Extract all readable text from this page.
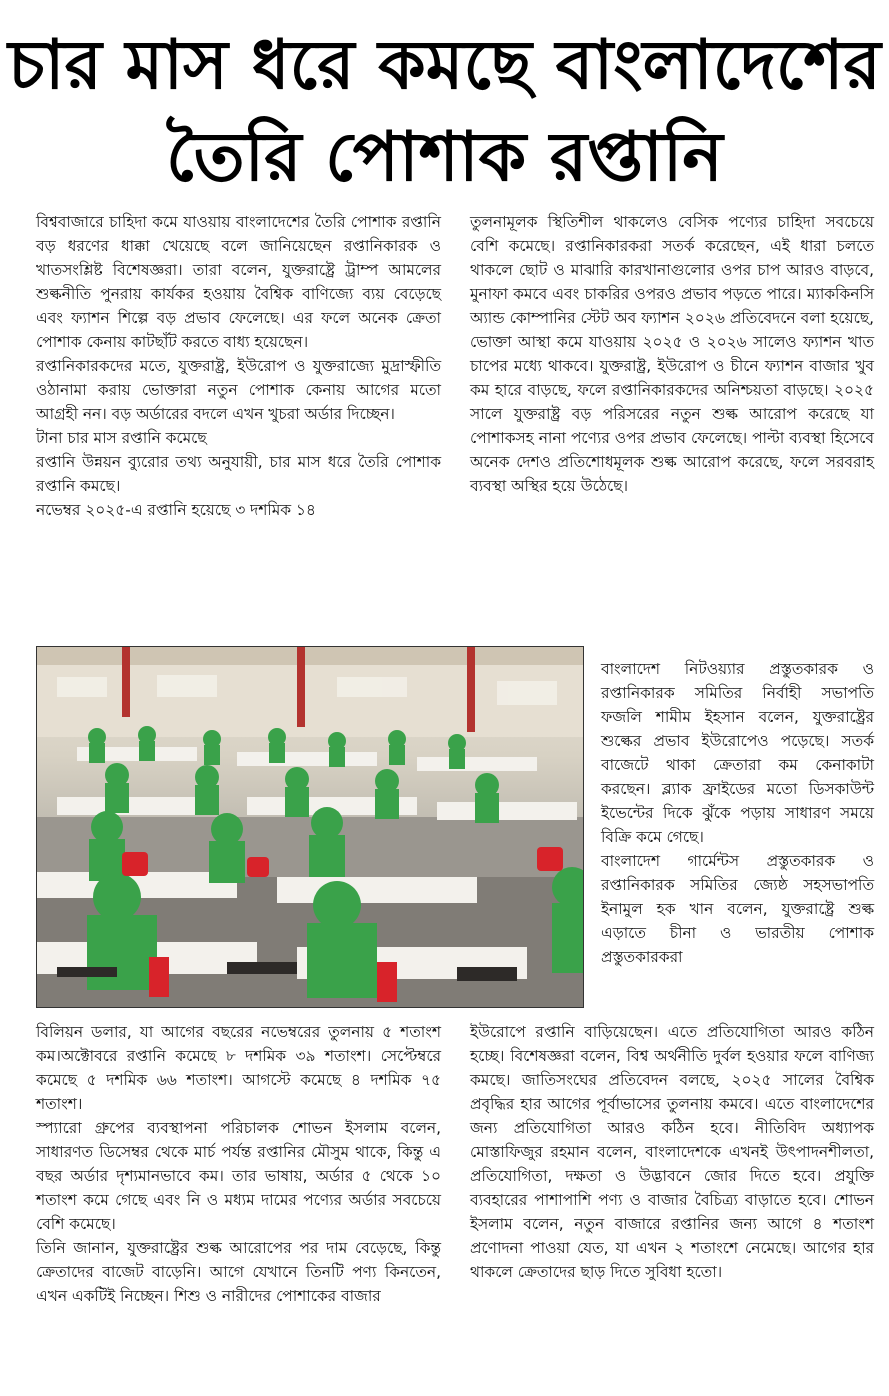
চার মাস ধরে কমছে বাংলাদেশের
তৈরি পোশাক রপ্তানি

বিশ্ববাজারে চাহিদা কমে যাওয়ায় বাংলাদেশের তৈরি পোশাক রপ্তানি বড় ধরণের ধাক্কা খেয়েছে বলে জানিয়েছেন রপ্তানিকারক ও খাতসংশ্লিষ্ট বিশেষজ্ঞরা। তারা বলেন, যুক্তরাষ্ট্রে ট্রাম্প আমলের শুল্কনীতি পুনরায় কার্যকর হওয়ায় বৈশ্বিক বাণিজ্যে ব্যয় বেড়েছে এবং ফ্যাশন শিল্পে বড় প্রভাব ফেলেছে। এর ফলে অনেক ক্রেতা পোশাক কেনায় কাটছাঁট করতে বাধ্য হয়েছেন।

রপ্তানিকারকদের মতে, যুক্তরাষ্ট্র, ইউরোপ ও যুক্তরাজ্যে মুদ্রাস্ফীতি ওঠানামা করায় ভোক্তারা নতুন পোশাক কেনায় আগের মতো আগ্রহী নন। বড় অর্ডারের বদলে এখন খুচরা অর্ডার দিচ্ছেন।

টানা চার মাস রপ্তানি কমেছে

রপ্তানি উন্নয়ন ব্যুরোর তথ্য অনুযায়ী, চার মাস ধরে তৈরি পোশাক রপ্তানি কমছে।

নভেম্বর ২০২৫-এ রপ্তানি হয়েছে ৩ দশমিক ১৪

তুলনামূলক স্থিতিশীল থাকলেও বেসিক পণ্যের চাহিদা সবচেয়ে বেশি কমেছে। রপ্তানিকারকরা সতর্ক করেছেন, এই ধারা চলতে থাকলে ছোট ও মাঝারি কারখানাগুলোর ওপর চাপ আরও বাড়বে, মুনাফা কমবে এবং চাকরির ওপরও প্রভাব পড়তে পারে। ম্যাককিনসি অ্যান্ড কোম্পানির স্টেট অব ফ্যাশন ২০২৬ প্রতিবেদনে বলা হয়েছে, ভোক্তা আস্থা কমে যাওয়ায় ২০২৫ ও ২০২৬ সালেও ফ্যাশন খাত চাপের মধ্যে থাকবে। যুক্তরাষ্ট্র, ইউরোপ ও চীনে ফ্যাশন বাজার খুব কম হারে বাড়ছে, ফলে রপ্তানিকারকদের অনিশ্চয়তা বাড়ছে। ২০২৫ সালে যুক্তরাষ্ট্র বড় পরিসরের নতুন শুল্ক আরোপ করেছে যা পোশাকসহ নানা পণ্যের ওপর প্রভাব ফেলেছে। পাল্টা ব্যবস্থা হিসেবে অনেক দেশও প্রতিশোধমূলক শুল্ক আরোপ করেছে, ফলে সরবরাহ ব্যবস্থা অস্থির হয়ে উঠেছে।

বাংলাদেশ নিটওয়্যার প্রস্তুতকারক ও রপ্তানিকারক সমিতির নির্বাহী সভাপতি ফজলি শামীম ইহসান বলেন, যুক্তরাষ্ট্রের শুল্কের প্রভাব ইউরোপেও পড়েছে। সতর্ক বাজেটে থাকা ক্রেতারা কম কেনাকাটা করছেন। ব্ল্যাক ফ্রাইডের মতো ডিসকাউন্ট ইভেন্টের দিকে ঝুঁকে পড়ায় সাধারণ সময়ে বিক্রি কমে গেছে।

বাংলাদেশ গার্মেন্টস প্রস্তুতকারক ও রপ্তানিকারক সমিতির জ্যেষ্ঠ সহসভাপতি ইনামুল হক খান বলেন, যুক্তরাষ্ট্রে শুল্ক এড়াতে চীনা ও ভারতীয় পোশাক প্রস্তুতকারকরা

বিলিয়ন ডলার, যা আগের বছরের নভেম্বরের তুলনায় ৫ শতাংশ কম।অক্টোবরে রপ্তানি কমেছে ৮ দশমিক ৩৯ শতাংশ। সেপ্টেম্বরে কমেছে ৫ দশমিক ৬৬ শতাংশ। আগস্টে কমেছে ৪ দশমিক ৭৫ শতাংশ।

স্প্যারো গ্রুপের ব্যবস্থাপনা পরিচালক শোভন ইসলাম বলেন, সাধারণত ডিসেম্বর থেকে মার্চ পর্যন্ত রপ্তানির মৌসুম থাকে, কিন্তু এ বছর অর্ডার দৃশ্যমানভাবে কম। তার ভাষায়, অর্ডার ৫ থেকে ১০ শতাংশ কমে গেছে এবং নি ও মধ্যম দামের পণ্যের অর্ডার সবচেয়ে বেশি কমেছে।

তিনি জানান, যুক্তরাষ্ট্রের শুল্ক আরোপের পর দাম বেড়েছে, কিন্তু ক্রেতাদের বাজেট বাড়েনি। আগে যেখানে তিনটি পণ্য কিনতেন, এখন একটিই নিচ্ছেন। শিশু ও নারীদের পোশাকের বাজার

ইউরোপে রপ্তানি বাড়িয়েছেন। এতে প্রতিযোগিতা আরও কঠিন হচ্ছে। বিশেষজ্ঞরা বলেন, বিশ্ব অর্থনীতি দুর্বল হওয়ার ফলে বাণিজ্য কমছে। জাতিসংঘের প্রতিবেদন বলছে, ২০২৫ সালের বৈশ্বিক প্রবৃদ্ধির হার আগের পূর্বাভাসের তুলনায় কমবে। এতে বাংলাদেশের জন্য প্রতিযোগিতা আরও কঠিন হবে। নীতিবিদ অধ্যাপক মোস্তাফিজুর রহমান বলেন, বাংলাদেশকে এখনই উৎপাদনশীলতা, প্রতিযোগিতা, দক্ষতা ও উদ্ভাবনে জোর দিতে হবে। প্রযুক্তি ব্যবহারের পাশাপাশি পণ্য ও বাজার বৈচিত্র্য বাড়াতে হবে। শোভন ইসলাম বলেন, নতুন বাজারে রপ্তানির জন্য আগে ৪ শতাংশ প্রণোদনা পাওয়া যেত, যা এখন ২ শতাংশে নেমেছে। আগের হার থাকলে ক্রেতাদের ছাড় দিতে সুবিধা হতো।
